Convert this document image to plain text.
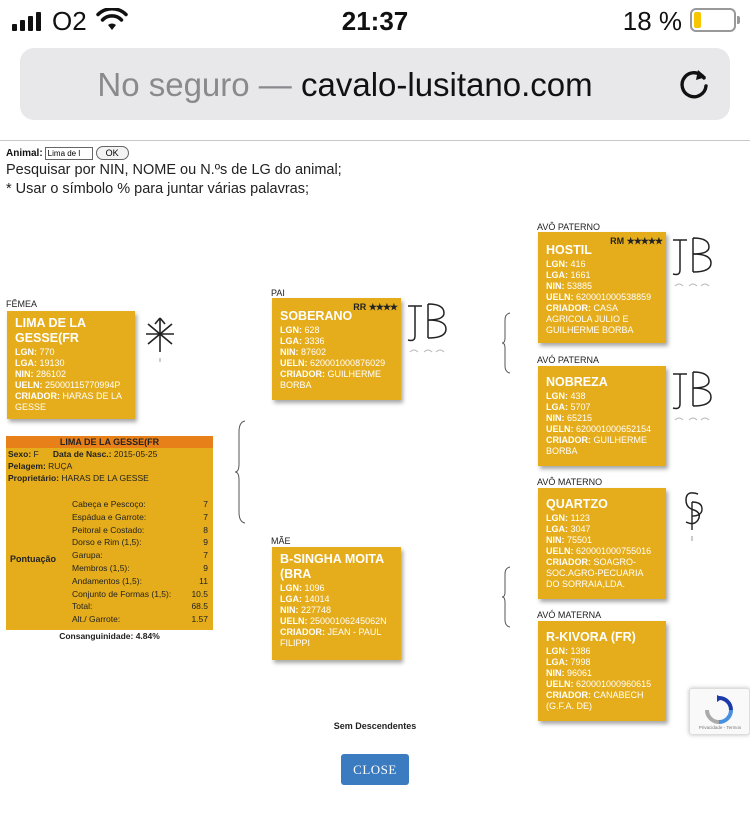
O2	21:37	18 %
No seguro — cavalo-lusitano.com
Animal:
Lima de l	OK
Pesquisar por NIN, NOME ou N.ºs de LG do animal;
* Usar o símbolo % para juntar várias palavras;
FÊMEA
LIMA DE LA GESSE(FR
LGN: 770
LGA: 19130
NIN: 286102
UELN: 25000115770994P
CRIADOR: HARAS DE LA GESSE
LIMA DE LA GESSE(FR
Sexo: F Data de Nasc.: 2015-05-25
Pelagem: RUÇA
Proprietário: HARAS DE LA GESSE
Pontuação
Cabeça e Pescoço:	7
Espádua e Garrote:	7
Peitoral e Costado:	8
Dorso e Rim (1,5):	9
Garupa:	7
Membros (1,5):	9
Andamentos (1,5):	11
Conjunto de Formas (1,5): 10.5
Total:	68.5
Alt./ Garrote:	1.57
Consanguinidade: 4.84%
PAI
RR ★★★★
SOBERANO
LGN: 628
LGA: 3336
NIN: 87602
UELN: 620001000876029
CRIADOR: GUILHERME BORBA
MÃE
B-SINGHA MOITA (BRA
LGN: 1096
LGA: 14014
NIN: 227748
UELN: 25000106245062N
CRIADOR: JEAN - PAUL FILIPPI
AVÔ PATERNO
RM ★★★★★
HOSTIL
LGN: 416
LGA: 1661
NIN: 53885
UELN: 620001000538859
CRIADOR: CASA AGRICOLA JULIO E GUILHERME BORBA
AVÓ PATERNA
NOBREZA
LGN: 438
LGA: 5707
NIN: 65215
UELN: 620001000652154
CRIADOR: GUILHERME BORBA
AVÔ MATERNO
QUARTZO
LGN: 1123
LGA: 3047
NIN: 75501
UELN: 620001000755016
CRIADOR: SOAGRO-SOC.AGRO-PECUARIA DO SORRAIA,LDA.
AVÓ MATERNA
R-KIVORA (FR)
LGN: 1386
LGA: 7998
NIN: 96061
UELN: 620001000960615
CRIADOR: CANABECH (G.F.A. DE)
Sem Descendentes
CLOSE
Privacidade - Termos
